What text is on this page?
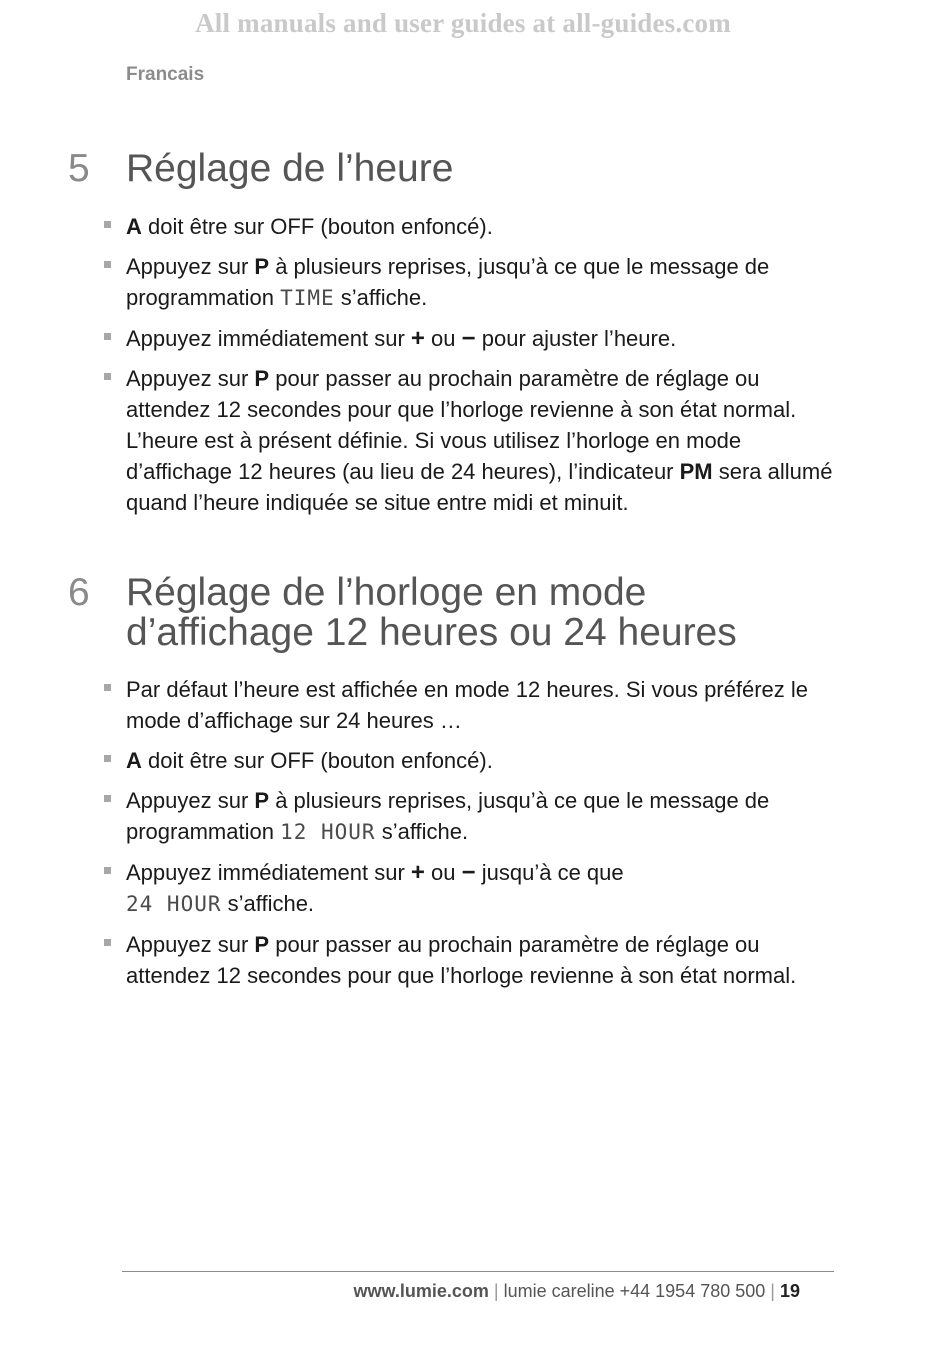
All manuals and user guides at all-guides.com
Francais
5 Réglage de l’heure
A doit être sur OFF (bouton enfoncé).
Appuyez sur P à plusieurs reprises, jusqu’à ce que le message de programmation TIME s’affiche.
Appuyez immédiatement sur + ou − pour ajuster l’heure.
Appuyez sur P pour passer au prochain paramètre de réglage ou attendez 12 secondes pour que l’horloge revienne à son état normal. L’heure est à présent définie. Si vous utilisez l’horloge en mode d’affichage 12 heures (au lieu de 24 heures), l’indicateur PM sera allumé quand l’heure indiquée se situe entre midi et minuit.
6 Réglage de l’horloge en mode
d’affichage 12 heures ou 24 heures
Par défaut l’heure est affichée en mode 12 heures. Si vous préférez le mode d’affichage sur 24 heures …
A doit être sur OFF (bouton enfoncé).
Appuyez sur P à plusieurs reprises, jusqu’à ce que le message de programmation 12 HOUR s’affiche.
Appuyez immédiatement sur + ou − jusqu’à ce que
24 HOUR s’affiche.
Appuyez sur P pour passer au prochain paramètre de réglage ou attendez 12 secondes pour que l’horloge revienne à son état normal.
www.lumie.com | lumie careline +44 1954 780 500 | 19
